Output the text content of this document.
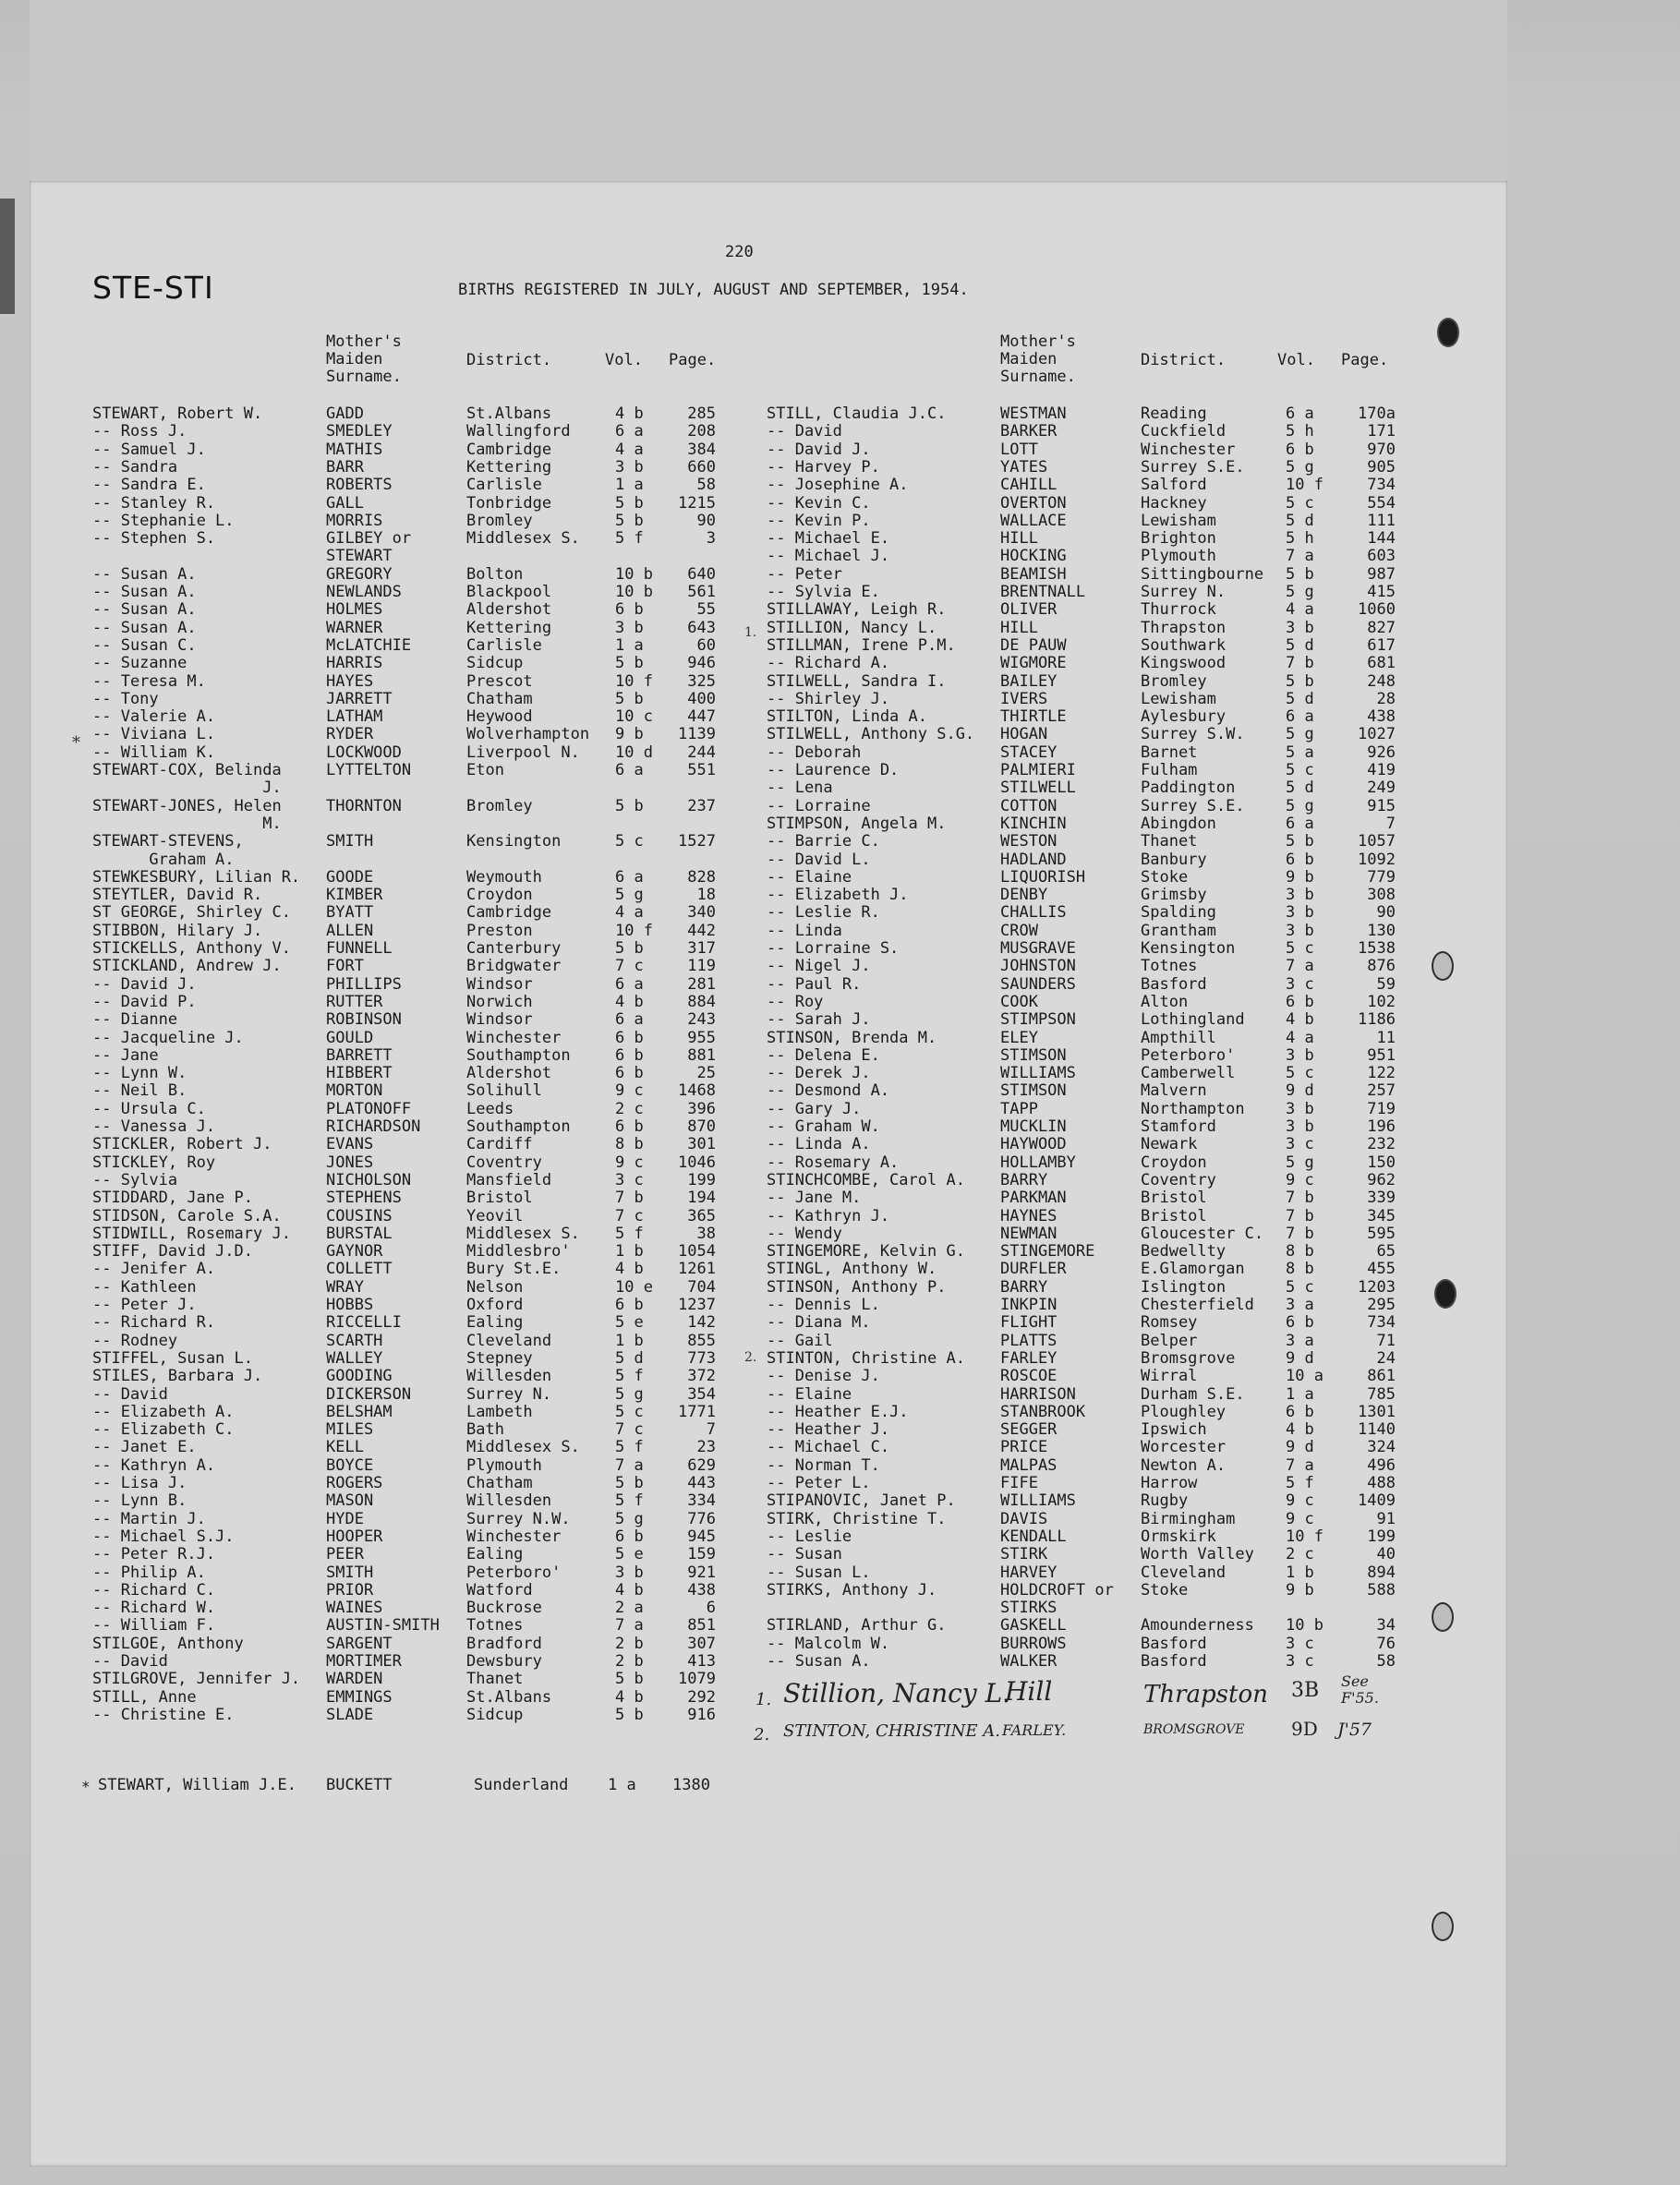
STE-STI
220
BIRTHS REGISTERED IN JULY, AUGUST AND SEPTEMBER, 1954.
Mother's
Maiden
Surname.
District.	Vol. Page.
Mother's
Maiden
Surname.
District.	Vol. Page.
STEWART, Robert W.	GADD	St.Albans	4 b	285
-- Ross J.	SMEDLEY	Wallingford	6 a	208
-- Samuel J.	MATHIS	Cambridge	4 a	384
-- Sandra	BARR	Kettering	3 b	660
-- Sandra E.	ROBERTS	Carlisle	1 a	58
-- Stanley R.	GALL	Tonbridge	5 b	1215
-- Stephanie L.	MORRIS	Bromley	5 b	90
-- Stephen S.	GILBEY or	Middlesex S. 5 f	3
STEWART
-- Susan A.	GREGORY	Bolton	10 b	640
-- Susan A.	NEWLANDS	Blackpool	10 b	561
-- Susan A.	HOLMES	Aldershot	6 b	55
-- Susan A.	WARNER	Kettering	3 b	643
-- Susan C.	McLATCHIE	Carlisle	1 a	60
-- Suzanne	HARRIS	Sidcup	5 b	946
-- Teresa M.	HAYES	Prescot	10 f	325
-- Tony	JARRETT	Chatham	5 b	400
-- Valerie A.	LATHAM	Heywood	10 c	447
-- Viviana L.	RYDER	Wolverhampton 9 b	1139
-- William K.	LOCKWOOD	Liverpool N. 10 d	244
STEWART-COX, Belinda	LYTTELTON	Eton	6 a	551
J.
STEWART-JONES, Helen	THORNTON	Bromley	5 b	237
M.
STEWART-STEVENS,	SMITH	Kensington	5 c	1527
Graham A.
STEWKESBURY, Lilian R. GOODE	Weymouth	6 a	828
STEYTLER, David R.	KIMBER	Croydon	5 g	18
ST GEORGE, Shirley C. BYATT	Cambridge	4 a	340
STIBBON, Hilary J.	ALLEN	Preston	10 f	442
STICKELLS, Anthony V. FUNNELL	Canterbury	5 b	317
STICKLAND, Andrew J.	FORT	Bridgwater	7 c	119
-- David J.	PHILLIPS	Windsor	6 a	281
-- David P.	RUTTER	Norwich	4 b	884
-- Dianne	ROBINSON	Windsor	6 a	243
-- Jacqueline J.	GOULD	Winchester	6 b	955
-- Jane	BARRETT	Southampton	6 b	881
-- Lynn W.	HIBBERT	Aldershot	6 b	25
-- Neil B.	MORTON	Solihull	9 c	1468
-- Ursula C.	PLATONOFF	Leeds	2 c	396
-- Vanessa J.	RICHARDSON	Southampton	6 b	870
STICKLER, Robert J.	EVANS	Cardiff	8 b	301
STICKLEY, Roy	JONES	Coventry	9 c	1046
-- Sylvia	NICHOLSON	Mansfield	3 c	199
STIDDARD, Jane P.	STEPHENS	Bristol	7 b	194
STIDSON, Carole S.A.	COUSINS	Yeovil	7 c	365
STIDWILL, Rosemary J. BURSTAL	Middlesex S. 5 f	38
STIFF, David J.D.	GAYNOR	Middlesbro'	1 b	1054
-- Jenifer A.	COLLETT	Bury St.E.	4 b	1261
-- Kathleen	WRAY	Nelson	10 e	704
-- Peter J.	HOBBS	Oxford	6 b	1237
-- Richard R.	RICCELLI	Ealing	5 e	142
-- Rodney	SCARTH	Cleveland	1 b	855
STIFFEL, Susan L.	WALLEY	Stepney	5 d	773
STILES, Barbara J.	GOODING	Willesden	5 f	372
-- David	DICKERSON	Surrey N.	5 g	354
-- Elizabeth A.	BELSHAM	Lambeth	5 c	1771
-- Elizabeth C.	MILES	Bath	7 c	7
-- Janet E.	KELL	Middlesex S. 5 f	23
-- Kathryn A.	BOYCE	Plymouth	7 a	629
-- Lisa J.	ROGERS	Chatham	5 b	443
-- Lynn B.	MASON	Willesden	5 f	334
-- Martin J.	HYDE	Surrey N.W.	5 g	776
-- Michael S.J.	HOOPER	Winchester	6 b	945
-- Peter R.J.	PEER	Ealing	5 e	159
-- Philip A.	SMITH	Peterboro'	3 b	921
-- Richard C.	PRIOR	Watford	4 b	438
-- Richard W.	WAINES	Buckrose	2 a	6
-- William F.	AUSTIN-SMITH Totnes	7 a	851
STILGOE, Anthony	SARGENT	Bradford	2 b	307
-- David	MORTIMER	Dewsbury	2 b	413
STILGROVE, Jennifer J. WARDEN	Thanet	5 b	1079
STILL, Anne	EMMINGS	St.Albans	4 b	292
-- Christine E.	SLADE	Sidcup	5 b	916
STILL, Claudia J.C.	WESTMAN	Reading	6 a	170a
-- David	BARKER	Cuckfield	5 h	171
-- David J.	LOTT	Winchester	6 b	970
-- Harvey P.	YATES	Surrey S.E.	5 g	905
-- Josephine A.	CAHILL	Salford	10 f	734
-- Kevin C.	OVERTON	Hackney	5 c	554
-- Kevin P.	WALLACE	Lewisham	5 d	111
-- Michael E.	HILL	Brighton	5 h	144
-- Michael J.	HOCKING	Plymouth	7 a	603
-- Peter	BEAMISH	Sittingbourne 5 b	987
-- Sylvia E.	BRENTNALL	Surrey N.	5 g	415
STILLAWAY, Leigh R.	OLIVER	Thurrock	4 a	1060
STILLION, Nancy L.	HILL	Thrapston	3 b	827
STILLMAN, Irene P.M.	DE PAUW	Southwark	5 d	617
-- Richard A.	WIGMORE	Kingswood	7 b	681
STILWELL, Sandra I.	BAILEY	Bromley	5 b	248
-- Shirley J.	IVERS	Lewisham	5 d	28
STILTON, Linda A.	THIRTLE	Aylesbury	6 a	438
STILWELL, Anthony S.G. HOGAN	Surrey S.W.	5 g	1027
-- Deborah	STACEY	Barnet	5 a	926
-- Laurence D.	PALMIERI	Fulham	5 c	419
-- Lena	STILWELL	Paddington	5 d	249
-- Lorraine	COTTON	Surrey S.E.	5 g	915
STIMPSON, Angela M.	KINCHIN	Abingdon	6 a	7
-- Barrie C.	WESTON	Thanet	5 b	1057
-- David L.	HADLAND	Banbury	6 b	1092
-- Elaine	LIQUORISH	Stoke	9 b	779
-- Elizabeth J.	DENBY	Grimsby	3 b	308
-- Leslie R.	CHALLIS	Spalding	3 b	90
-- Linda	CROW	Grantham	3 b	130
-- Lorraine S.	MUSGRAVE	Kensington	5 c	1538
-- Nigel J.	JOHNSTON	Totnes	7 a	876
-- Paul R.	SAUNDERS	Basford	3 c	59
-- Roy	COOK	Alton	6 b	102
-- Sarah J.	STIMPSON	Lothingland	4 b	1186
STINSON, Brenda M.	ELEY	Ampthill	4 a	11
-- Delena E.	STIMSON	Peterboro'	3 b	951
-- Derek J.	WILLIAMS	Camberwell	5 c	122
-- Desmond A.	STIMSON	Malvern	9 d	257
-- Gary J.	TAPP	Northampton	3 b	719
-- Graham W.	MUCKLIN	Stamford	3 b	196
-- Linda A.	HAYWOOD	Newark	3 c	232
-- Rosemary A.	HOLLAMBY	Croydon	5 g	150
STINCHCOMBE, Carol A. BARRY	Coventry	9 c	962
-- Jane M.	PARKMAN	Bristol	7 b	339
-- Kathryn J.	HAYNES	Bristol	7 b	345
-- Wendy	NEWMAN	Gloucester C. 7 b	595
STINGEMORE, Kelvin G. STINGEMORE	Bedwellty	8 b	65
STINGL, Anthony W.	DURFLER	E.Glamorgan	8 b	455
STINSON, Anthony P.	BARRY	Islington	5 c	1203
-- Dennis L.	INKPIN	Chesterfield 3 a	295
-- Diana M.	FLIGHT	Romsey	6 b	734
-- Gail	PLATTS	Belper	3 a	71
STINTON, Christine A. FARLEY	Bromsgrove	9 d	24
-- Denise J.	ROSCOE	Wirral	10 a	861
-- Elaine	HARRISON	Durham S.E.	1 a	785
-- Heather E.J.	STANBROOK	Ploughley	6 b	1301
-- Heather J.	SEGGER	Ipswich	4 b	1140
-- Michael C.	PRICE	Worcester	9 d	324
-- Norman T.	MALPAS	Newton A.	7 a	496
-- Peter L.	FIFE	Harrow	5 f	488
STIPANOVIC, Janet P.	WILLIAMS	Rugby	9 c	1409
STIRK, Christine T.	DAVIS	Birmingham	9 c	91
-- Leslie	KENDALL	Ormskirk	10 f	199
-- Susan	STIRK	Worth Valley 2 c	40
-- Susan L.	HARVEY	Cleveland	1 b	894
STIRKS, Anthony J.	HOLDCROFT or Stoke	9 b	588
STIRKS
STIRLAND, Arthur G.	GASKELL	Amounderness 10 b	34
-- Malcolm W.	BURROWS	Basford	3 c	76
-- Susan A.	WALKER	Basford	3 c	58
*
1.
2.
1. Stillion, Nancy L.
Hill	Thrapston 3B See F'55.
2. STINTON, CHRISTINE A. FARLEY.	BROMSGROVE	9D J'57
* STEWART, William J.E. BUCKETT	Sunderland	1 a 1380
